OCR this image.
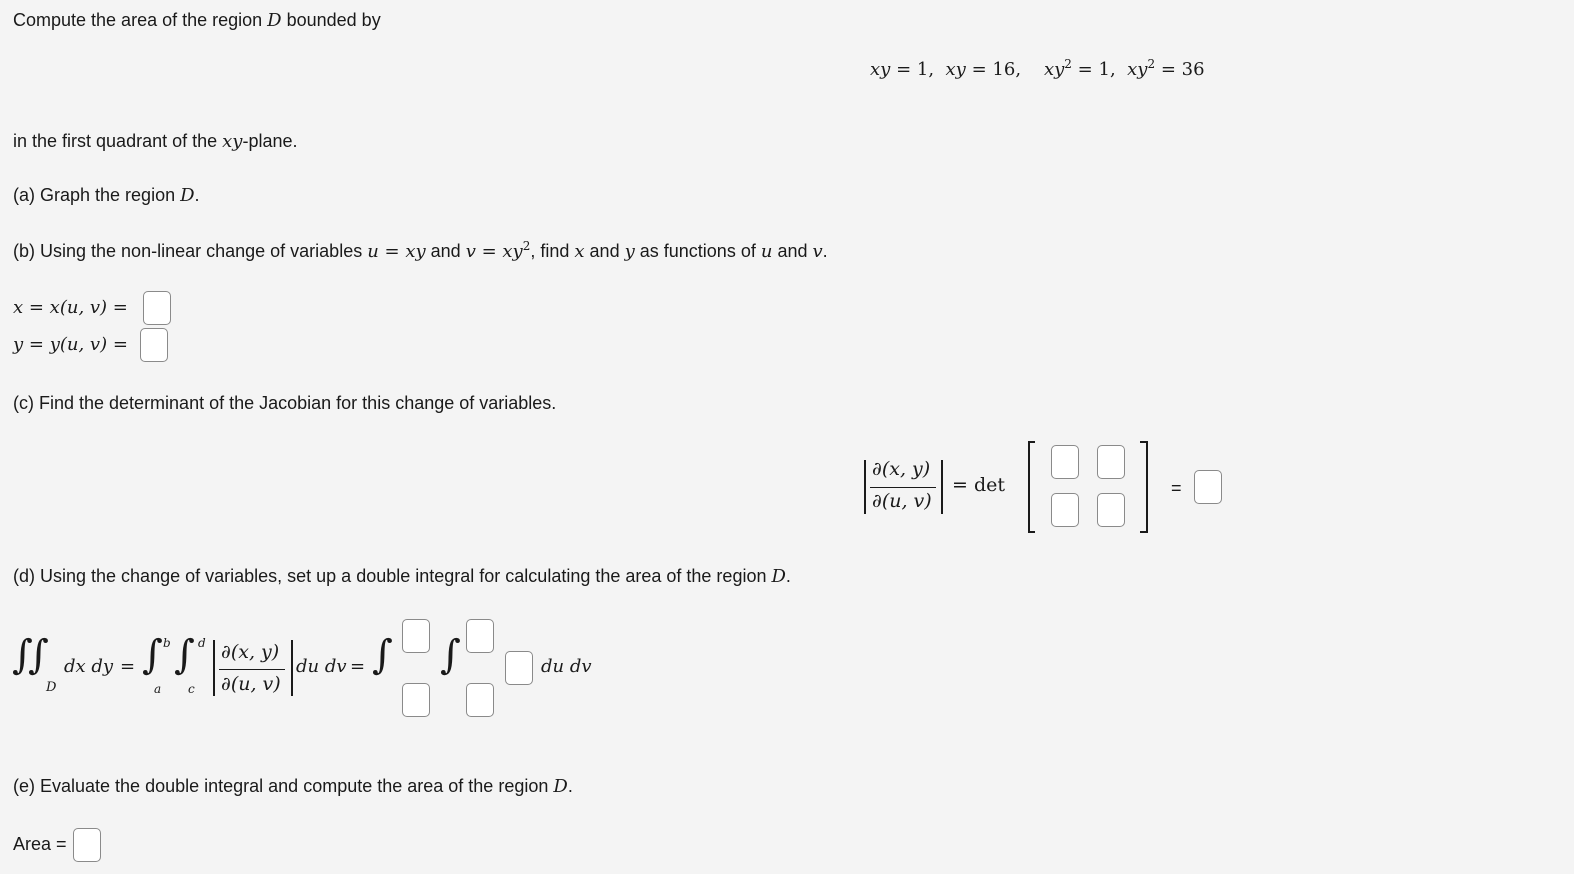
Compute the area of the region D bounded by
xy = 1, xy = 16, $xy^2 = 1$, $xy^2 = 36$
in the first quadrant of the xy-plane.
(a) Graph the region D.
(b) Using the non-linear change of variables u = xy and $v = xy^2$, find x and y as functions of u and v.
x = x(u, v) =
y = y(u, v) =
(c) Find the determinant of the Jacobian for this change of variables.
∂(x, y)
∂(u, v)
= det	=
(d) Using the change of variables, set up a double integral for calculating the area of the region D.
∫
∫
D
dx dy = ∫ b
a
∫ d
c
∂(x, y)
∂(u, v)
du dv = ∫ ∫	du dv
(e) Evaluate the double integral and compute the area of the region D.
Area =
